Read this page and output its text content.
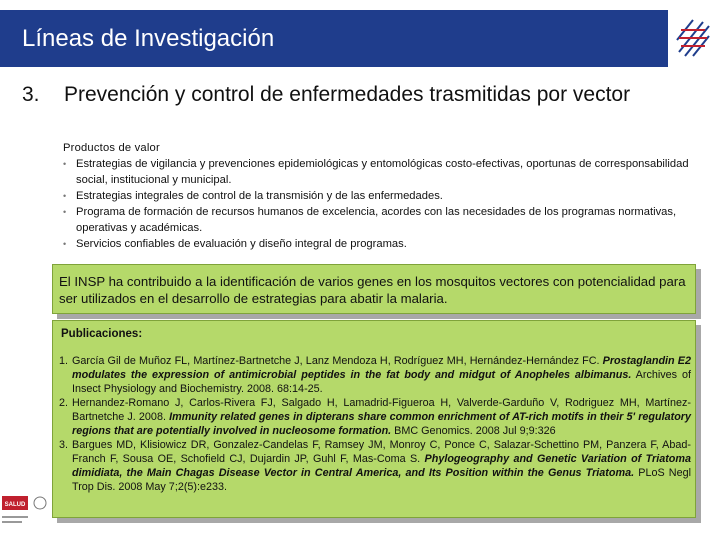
Líneas de Investigación
3. Prevención y control de enfermedades trasmitidas por vector
Productos de valor
• Estrategias de vigilancia y prevenciones epidemiológicas y entomológicas costo-efectivas, oportunas de corresponsabilidad social, institucional y municipal.
• Estrategias integrales de control de la transmisión y de las enfermedades.
• Programa de formación de recursos humanos de excelencia, acordes con las necesidades de los programas normativas, operativas y académicas.
• Servicios confiables de evaluación y diseño integral de programas.
El INSP ha contribuido a la identificación de varios genes en los mosquitos vectores con potencialidad para ser utilizados en el desarrollo de estrategias para abatir la malaria.
Publicaciones:
1. García Gil de Muñoz FL, Martínez-Bartnetche J, Lanz Mendoza H, Rodríguez MH, Hernández-Hernández FC. Prostaglandin E2 modulates the expression of antimicrobial peptides in the fat body and midgut of Anopheles albimanus. Archives of Insect Physiology and Biochemistry. 2008. 68:14-25.
2. Hernandez-Romano J, Carlos-Rivera FJ, Salgado H, Lamadrid-Figueroa H, Valverde-Garduño V, Rodriguez MH, Martínez-Bartnetche J. 2008. Immunity related genes in dipterans share common enrichment of AT-rich motifs in their 5' regulatory regions that are potentially involved in nucleosome formation. BMC Genomics. 2008 Jul 9;9:326
3. Bargues MD, Klisiowicz DR, Gonzalez-Candelas F, Ramsey JM, Monroy C, Ponce C, Salazar-Schettino PM, Panzera F, Abad-Franch F, Sousa OE, Schofield CJ, Dujardin JP, Guhl F, Mas-Coma S. Phylogeography and Genetic Variation of Triatoma dimidiata, the Main Chagas Disease Vector in Central America, and Its Position within the Genus Triatoma. PLoS Negl Trop Dis. 2008 May 7;2(5):e233.
SALUD
